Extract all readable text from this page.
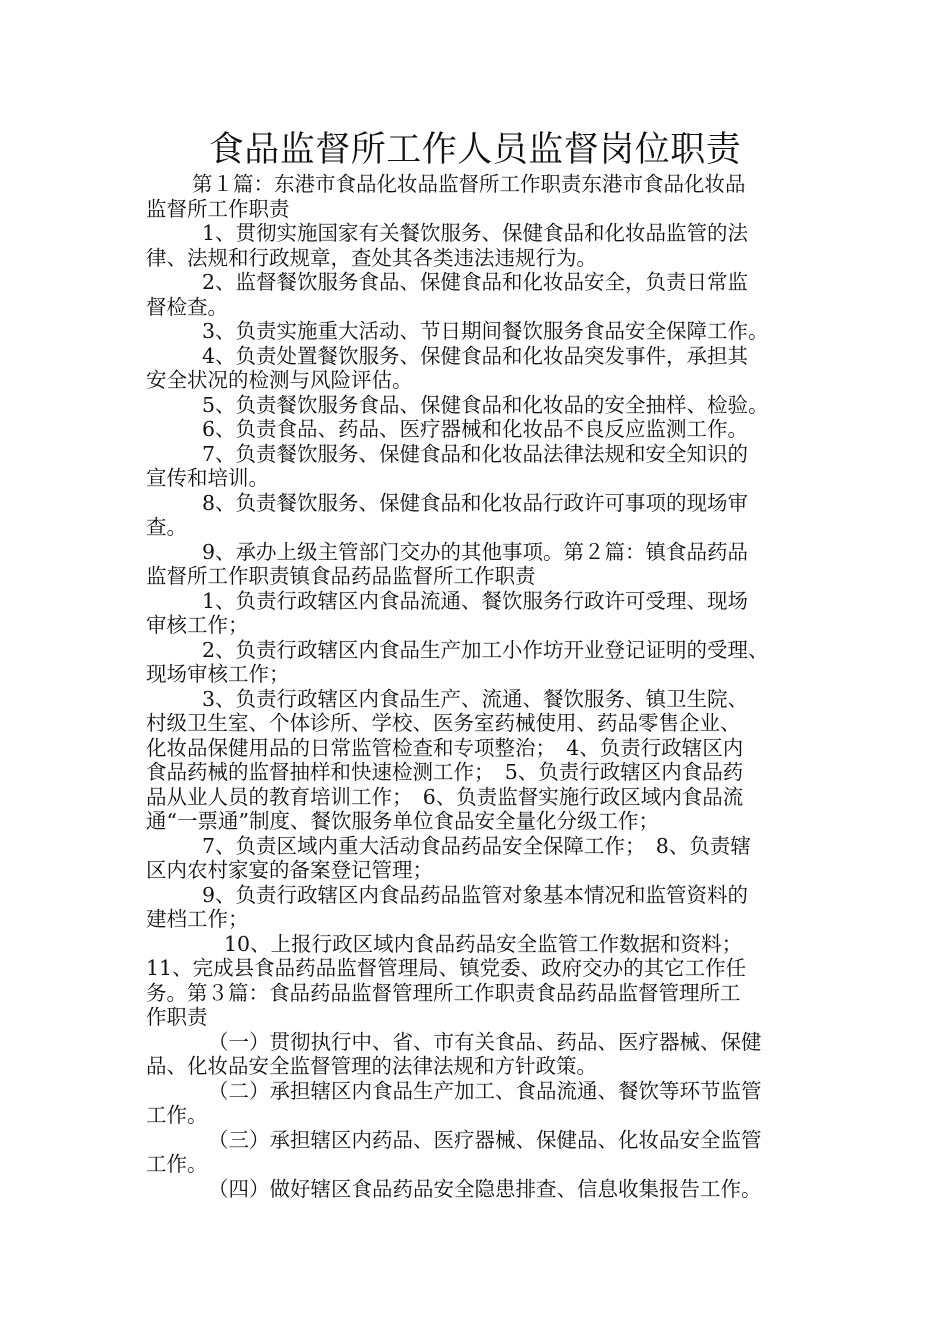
食品监督所工作人员监督岗位职责
第１篇：东港市食品化妆品监督所工作职责东港市食品化妆品
监督所工作职责
1、贯彻实施国家有关餐饮服务、保健食品和化妆品监管的法
律、法规和行政规章，查处其各类违法违规行为。
2、监督餐饮服务食品、保健食品和化妆品安全，负责日常监
督检查。
3、负责实施重大活动、节日期间餐饮服务食品安全保障工作。
4、负责处置餐饮服务、保健食品和化妆品突发事件，承担其
安全状况的检测与风险评估。
5、负责餐饮服务食品、保健食品和化妆品的安全抽样、检验。
6、负责食品、药品、医疗器械和化妆品不良反应监测工作。
7、负责餐饮服务、保健食品和化妆品法律法规和安全知识的
宣传和培训。
8、负责餐饮服务、保健食品和化妆品行政许可事项的现场审
查。
9、承办上级主管部门交办的其他事项。第２篇：镇食品药品
监督所工作职责镇食品药品监督所工作职责
1、负责行政辖区内食品流通、餐饮服务行政许可受理、现场
审核工作；
2、负责行政辖区内食品生产加工小作坊开业登记证明的受理、
现场审核工作；
3、负责行政辖区内食品生产、流通、餐饮服务、镇卫生院、
村级卫生室、个体诊所、学校、医务室药械使用、药品零售企业、
化妆品保健用品的日常监管检查和专项整治；　4、负责行政辖区内
食品药械的监督抽样和快速检测工作；　5、负责行政辖区内食品药
品从业人员的教育培训工作；　6、负责监督实施行政区域内食品流
通“一票通”制度、餐饮服务单位食品安全量化分级工作；
7、负责区域内重大活动食品药品安全保障工作；　8、负责辖
区内农村家宴的备案登记管理；
9、负责行政辖区内食品药品监管对象基本情况和监管资料的
建档工作；
10、上报行政区域内食品药品安全监管工作数据和资料；
11、完成县食品药品监督管理局、镇党委、政府交办的其它工作任
务。第３篇：食品药品监督管理所工作职责食品药品监督管理所工
作职责
（一）贯彻执行中、省、市有关食品、药品、医疗器械、保健
品、化妆品安全监督管理的法律法规和方针政策。
（二）承担辖区内食品生产加工、食品流通、餐饮等环节监管
工作。
（三）承担辖区内药品、医疗器械、保健品、化妆品安全监管
工作。
（四）做好辖区食品药品安全隐患排查、信息收集报告工作。
